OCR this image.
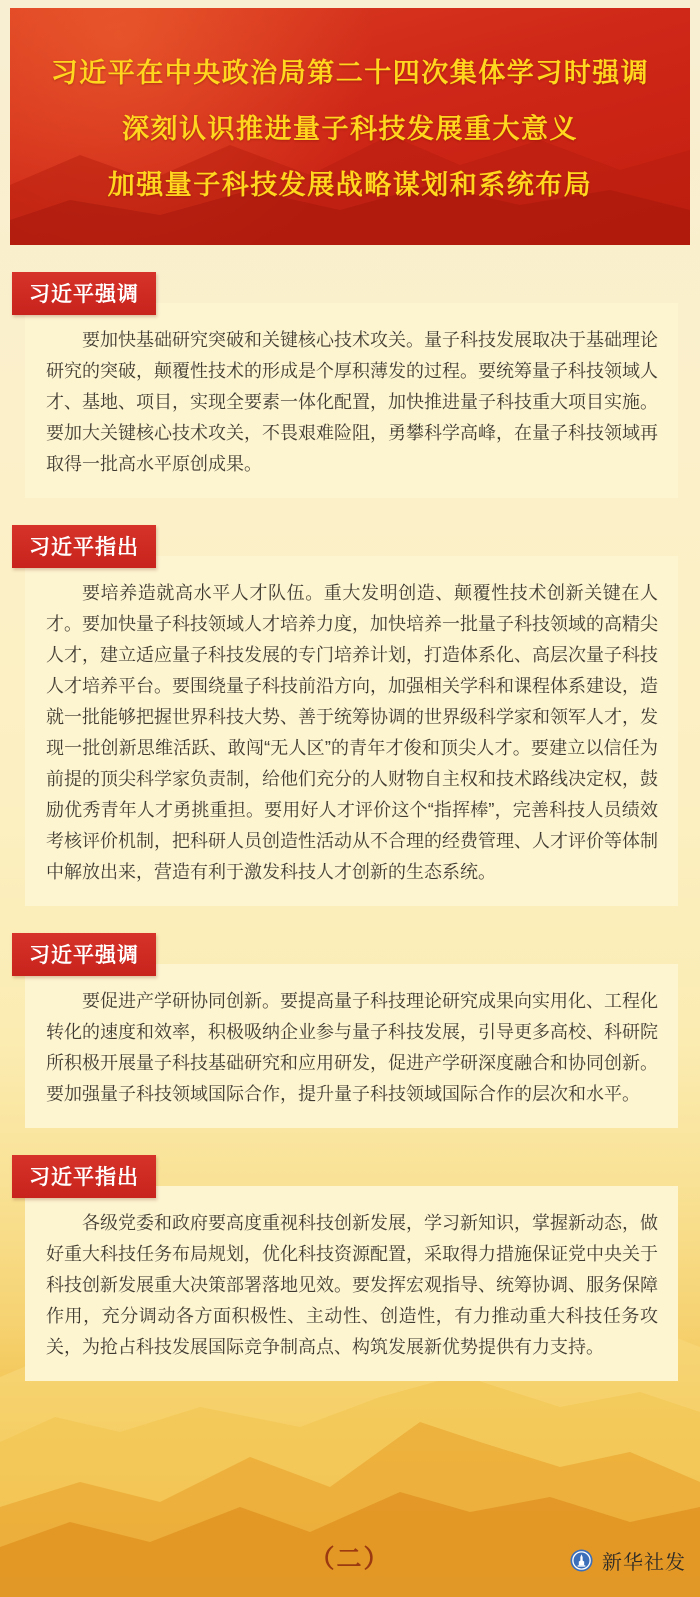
习近平在中央政治局第二十四次集体学习时强调
深刻认识推进量子科技发展重大意义
加强量子科技发展战略谋划和系统布局
习近平强调

要加快基础研究突破和关键核心技术攻关。量子科技发展取决于基础理论研究的突破，颠覆性技术的形成是个厚积薄发的过程。要统筹量子科技领域人才、基地、项目，实现全要素一体化配置，加快推进量子科技重大项目实施。要加大关键核心技术攻关，不畏艰难险阻，勇攀科学高峰，在量子科技领域再取得一批高水平原创成果。

习近平指出

要培养造就高水平人才队伍。重大发明创造、颠覆性技术创新关键在人才。要加快量子科技领域人才培养力度，加快培养一批量子科技领域的高精尖人才，建立适应量子科技发展的专门培养计划，打造体系化、高层次量子科技人才培养平台。要围绕量子科技前沿方向，加强相关学科和课程体系建设，造就一批能够把握世界科技大势、善于统筹协调的世界级科学家和领军人才，发现一批创新思维活跃、敢闯“无人区”的青年才俊和顶尖人才。要建立以信任为前提的顶尖科学家负责制，给他们充分的人财物自主权和技术路线决定权，鼓励优秀青年人才勇挑重担。要用好人才评价这个“指挥棒”，完善科技人员绩效考核评价机制，把科研人员创造性活动从不合理的经费管理、人才评价等体制中解放出来，营造有利于激发科技人才创新的生态系统。

习近平强调

要促进产学研协同创新。要提高量子科技理论研究成果向实用化、工程化转化的速度和效率，积极吸纳企业参与量子科技发展，引导更多高校、科研院所积极开展量子科技基础研究和应用研发，促进产学研深度融合和协同创新。要加强量子科技领域国际合作，提升量子科技领域国际合作的层次和水平。

习近平指出

各级党委和政府要高度重视科技创新发展，学习新知识，掌握新动态，做好重大科技任务布局规划，优化科技资源配置，采取得力措施保证党中央关于科技创新发展重大决策部署落地见效。要发挥宏观指导、统筹协调、服务保障作用，充分调动各方面积极性、主动性、创造性，有力推动重大科技任务攻关，为抢占科技发展国际竞争制高点、构筑发展新优势提供有力支持。

（二）	新华社发
